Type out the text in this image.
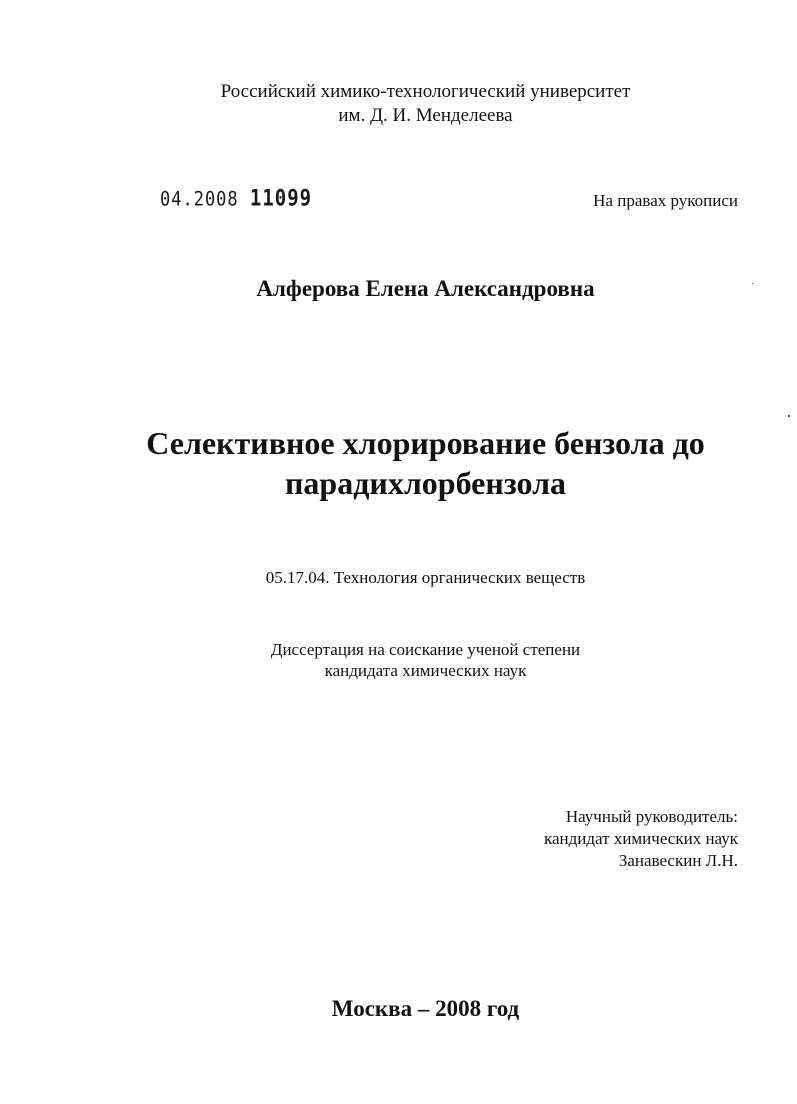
Российский химико-технологический университет
им. Д. И. Менделеева
04.2008 11099	На правах рукописи
Алферова Елена Александровна
Селективное хлорирование бензола до
парадихлорбензола
05.17.04. Технология органических веществ
Диссертация на соискание ученой степени
кандидата химических наук
Научный руководитель:
кандидат химических наук
Занавескин Л.Н.
Москва – 2008 год
